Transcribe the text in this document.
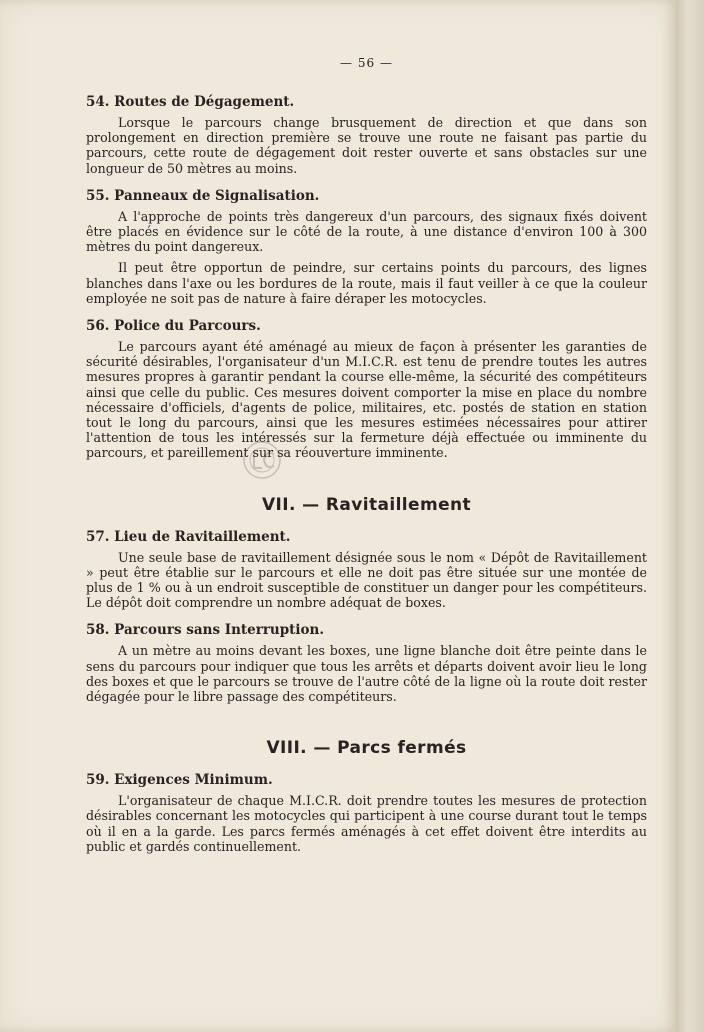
— 56 —
54. Routes de Dégagement.

Lorsque le parcours change brusquement de direction et que dans son prolongement en direction première se trouve une route ne faisant pas partie du parcours, cette route de dégagement doit rester ouverte et sans obstacles sur une longueur de 50 mètres au moins.

55. Panneaux de Signalisation.

A l'approche de points très dangereux d'un parcours, des signaux fixés doivent être placés en évidence sur le côté de la route, à une distance d'environ 100 à 300 mètres du point dangereux.

Il peut être opportun de peindre, sur certains points du parcours, des lignes blanches dans l'axe ou les bordures de la route, mais il faut veiller à ce que la couleur employée ne soit pas de nature à faire déraper les motocycles.

56. Police du Parcours.

Le parcours ayant été aménagé au mieux de façon à présenter les garanties de sécurité désirables, l'organisateur d'un M.I.C.R. est tenu de prendre toutes les autres mesures propres à garantir pendant la course elle-même, la sécurité des compétiteurs ainsi que celle du public. Ces mesures doivent comporter la mise en place du nombre nécessaire d'officiels, d'agents de police, militaires, etc. postés de station en station tout le long du parcours, ainsi que les mesures estimées nécessaires pour attirer l'attention de tous les intéressés sur la fermeture déjà effectuée ou imminente du parcours, et pareillement sur sa réouverture imminente.

VII. — Ravitaillement
57. Lieu de Ravitaillement.

Une seule base de ravitaillement désignée sous le nom « Dépôt de Ravitaillement » peut être établie sur le parcours et elle ne doit pas être située sur une montée de plus de 1 % ou à un endroit susceptible de constituer un danger pour les compétiteurs. Le dépôt doit comprendre un nombre adéquat de boxes.

58. Parcours sans Interruption.

A un mètre au moins devant les boxes, une ligne blanche doit être peinte dans le sens du parcours pour indiquer que tous les arrêts et départs doivent avoir lieu le long des boxes et que le parcours se trouve de l'autre côté de la ligne où la route doit rester dégagée pour le libre passage des compétiteurs.

VIII. — Parcs fermés
59. Exigences Minimum.

L'organisateur de chaque M.I.C.R. doit prendre toutes les mesures de protection désirables concernant les motocycles qui participent à une course durant tout le temps où il en a la garde. Les parcs fermés aménagés à cet effet doivent être interdits au public et gardés continuellement.
